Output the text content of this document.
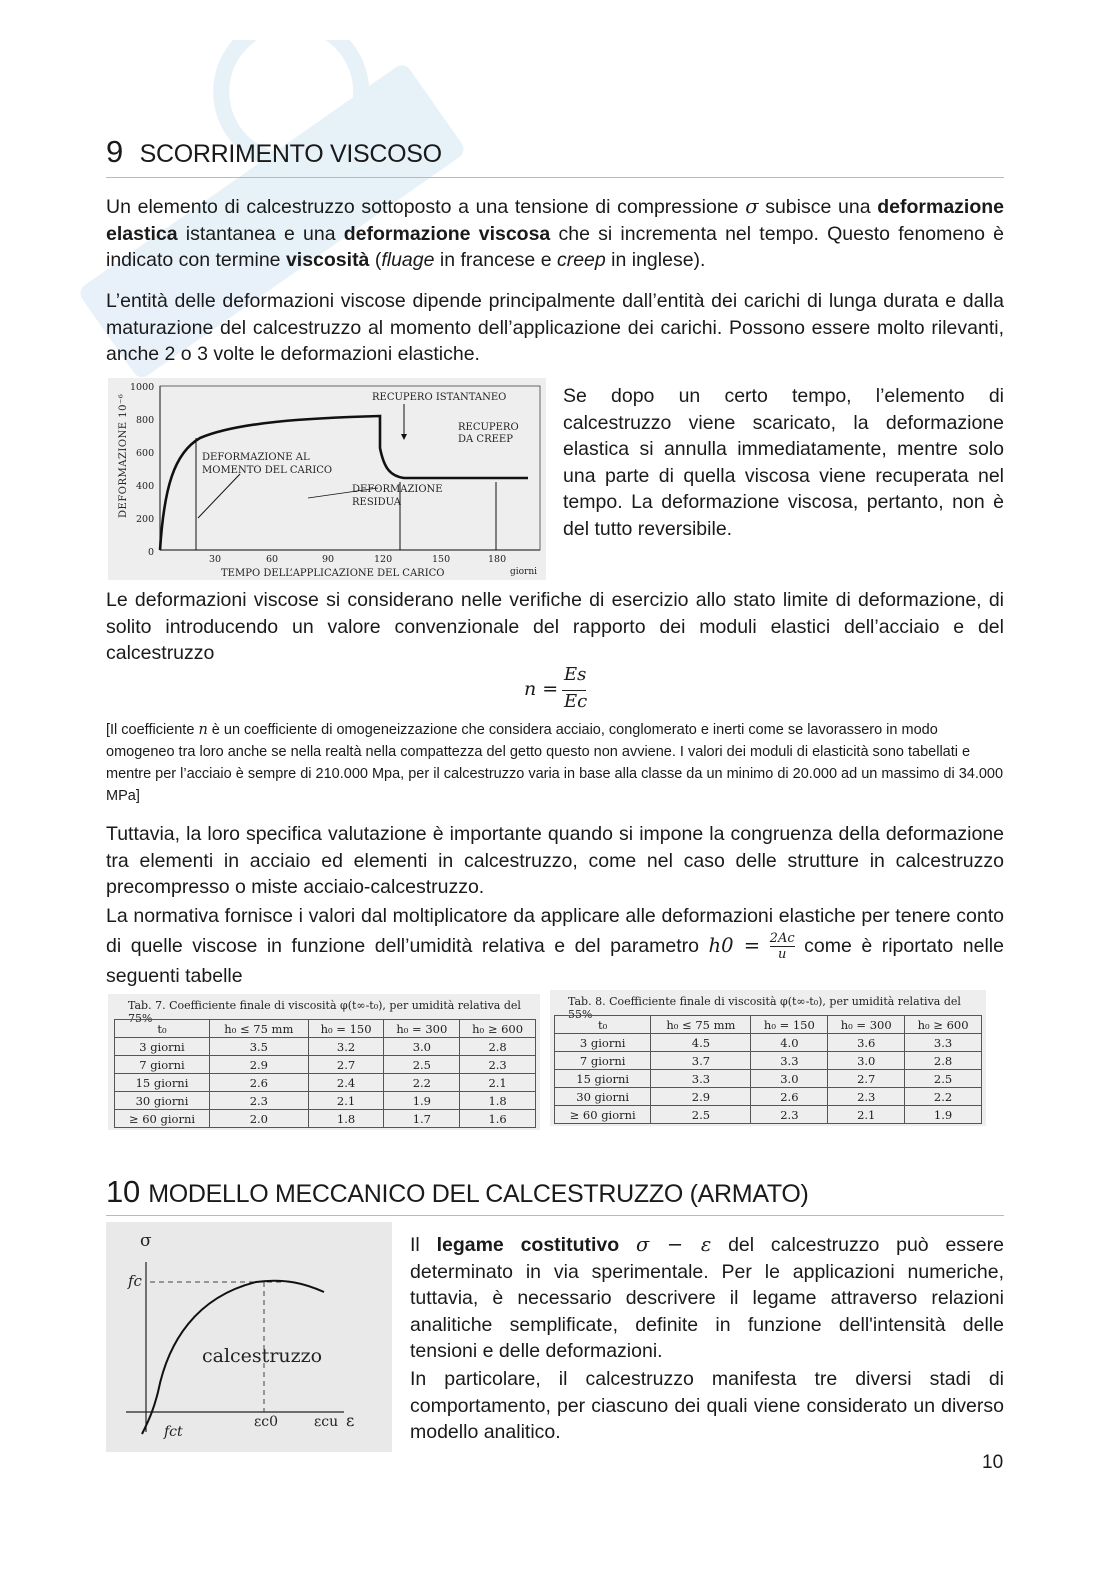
9 SCORRIMENTO VISCOSO

Un elemento di calcestruzzo sottoposto a una tensione di compressione σ subisce una deformazione elastica istantanea e una deformazione viscosa che si incrementa nel tempo. Questo fenomeno è indicato con termine viscosità (fluage in francese e creep in inglese).

L’entità delle deformazioni viscose dipende principalmente dall’entità dei carichi di lunga durata e dalla maturazione del calcestruzzo al momento dell’applicazione dei carichi. Possono essere molto rilevanti, anche 2 o 3 volte le deformazioni elastiche.

DEFORMAZIONE 10⁻⁶
1000
800
600
400
200
0
30	60	90	120	150	180
TEMPO DELL’APPLICAZIONE DEL CARICO	giorni
RECUPERO ISTANTANEO
RECUPERO
DA CREEP
DEFORMAZIONE AL
MOMENTO DEL CARICO
DEFORMAZIONE
RESIDUA

Se dopo un certo tempo, l’elemento di calcestruzzo viene scaricato, la deformazione elastica si annulla immediatamente, mentre solo una parte di quella viscosa viene recuperata nel tempo. La deformazione viscosa, pertanto, non è del tutto reversibile.

Le deformazioni viscose si considerano nelle verifiche di esercizio allo stato limite di deformazione, di solito introducendo un valore convenzionale del rapporto dei moduli elastici dell’acciaio e del calcestruzzo

n =
Es
Ec

[Il coefficiente n è un coefficiente di omogeneizzazione che considera acciaio, conglomerato e inerti come se lavorassero in modo omogeneo tra loro anche se nella realtà nella compattezza del getto questo non avviene. I valori dei moduli di elasticità sono tabellati e mentre per l’acciaio è sempre di 210.000 Mpa, per il calcestruzzo varia in base alla classe da un minimo di 20.000 ad un massimo di 34.000 MPa]

Tuttavia, la loro specifica valutazione è importante quando si impone la congruenza della deformazione tra elementi in acciaio ed elementi in calcestruzzo, come nel caso delle strutture in calcestruzzo precompresso o miste acciaio-calcestruzzo.

La normativa fornisce i valori dal moltiplicatore da applicare alle deformazioni elastiche per tenere conto di quelle viscose in funzione dell’umidità relativa e del parametro $h0 = \frac{2Ac}{u}$ come è riportato nelle seguenti tabelle

Tab. 7. Coefficiente finale di viscosità φ(t∞-t₀), per umidità relativa del 75%
t₀	h₀ ≤ 75 mm	h₀ = 150	h₀ = 300	h₀ ≥ 600
3 giorni	3.5	3.2	3.0	2.8
7 giorni	2.9	2.7	2.5	2.3
15 giorni	2.6	2.4	2.2	2.1
30 giorni	2.3	2.1	1.9	1.8
≥ 60 giorni	2.0	1.8	1.7	1.6
Tab. 8. Coefficiente finale di viscosità φ(t∞-t₀), per umidità relativa del 55%
t₀	h₀ ≤ 75 mm	h₀ = 150	h₀ = 300	h₀ ≥ 600
3 giorni	4.5	4.0	3.6	3.3
7 giorni	3.7	3.3	3.0	2.8
15 giorni	3.3	3.0	2.7	2.5
30 giorni	2.9	2.6	2.3	2.2
≥ 60 giorni	2.5	2.3	2.1	1.9
10 MODELLO MECCANICO DEL CALCESTRUZZO (ARMATO)
σ
fc
calcestruzzo
fct
εc0	εcu ε

Il legame costitutivo σ − ε del calcestruzzo può essere determinato in via sperimentale. Per le applicazioni numeriche, tuttavia, è necessario descrivere il legame attraverso relazioni analitiche semplificate, definite in funzione dell'intensità delle tensioni e delle deformazioni.

In particolare, il calcestruzzo manifesta tre diversi stadi di comportamento, per ciascuno dei quali viene considerato un diverso modello analitico.

10
